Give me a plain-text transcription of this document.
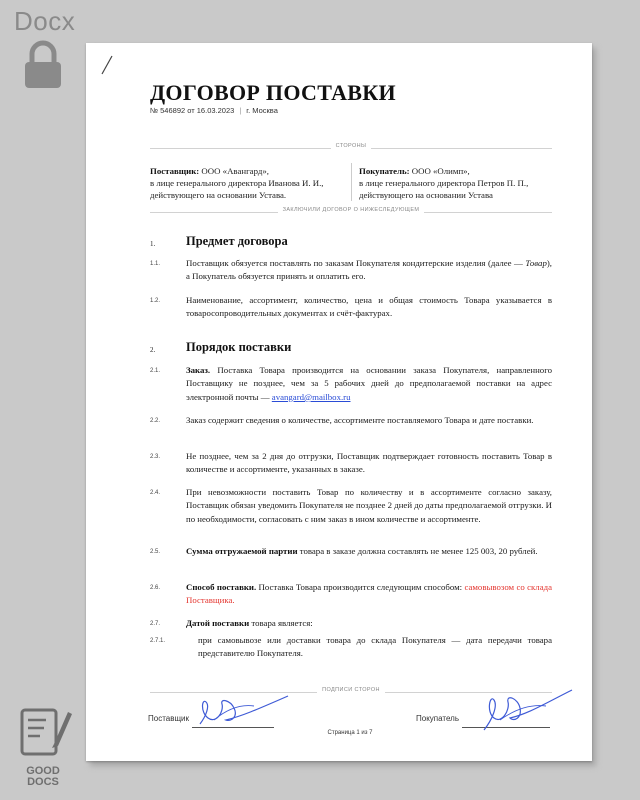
Docx
GOOD
DOCS
ДОГОВОР ПОСТАВКИ
№ 546892 от 16.03.2023 | г. Москва
СТОРОНЫ
Поставщик: ООО «Авангард»,
в лице генерального директора Иванова И. И.,
действующего на основании Устава.
Покупатель: ООО «Олимп»,
в лице генерального директора Петров П. П.,
действующего на основании Устава
ЗАКЛЮЧИЛИ ДОГОВОР О НИЖЕСЛЕДУЮЩЕМ
1. Предмет договора
1.1.	Поставщик обязуется поставлять по заказам Покупателя кондитерские изделия (далее — Товар), а Покупатель обязуется принять и оплатить его.
1.2.	Наименование, ассортимент, количество, цена и общая стоимость Товара указывается в товаросопроводительных документах и счёт-фактурах.
2. Порядок поставки
2.1.	Заказ. Поставка Товара производится на основании заказа Покупателя, направленного Поставщику не позднее, чем за 5 рабочих дней до предполагаемой поставки на адрес электронной почты — avangard@mailbox.ru
2.2.	Заказ содержит сведения о количестве, ассортименте поставляемого Товара и дате поставки.
2.3.	Не позднее, чем за 2 дня до отгрузки, Поставщик подтверждает готовность поставить Товар в количестве и ассортименте, указанных в заказе.
2.4.	При невозможности поставить Товар по количеству и в ассортименте согласно заказу, Поставщик обязан уведомить Покупателя не позднее 2 дней до даты предполагаемой отгрузки. И по необходимости, согласовать с ним заказ в ином количестве и ассортименте.
2.5.	Сумма отгружаемой партии товара в заказе должна составлять не менее 125 003, 20 рублей.
2.6.	Способ поставки. Поставка Товара производится следующим способом: самовывозом со склада Поставщика.
2.7.	Датой поставки товара является:
2.7.1.	при самовывозе или доставки товара до склада Покупателя — дата передачи товара представителю Покупателя.
ПОДПИСИ СТОРОН
Поставщик
Страница 1 из 7
Покупатель
